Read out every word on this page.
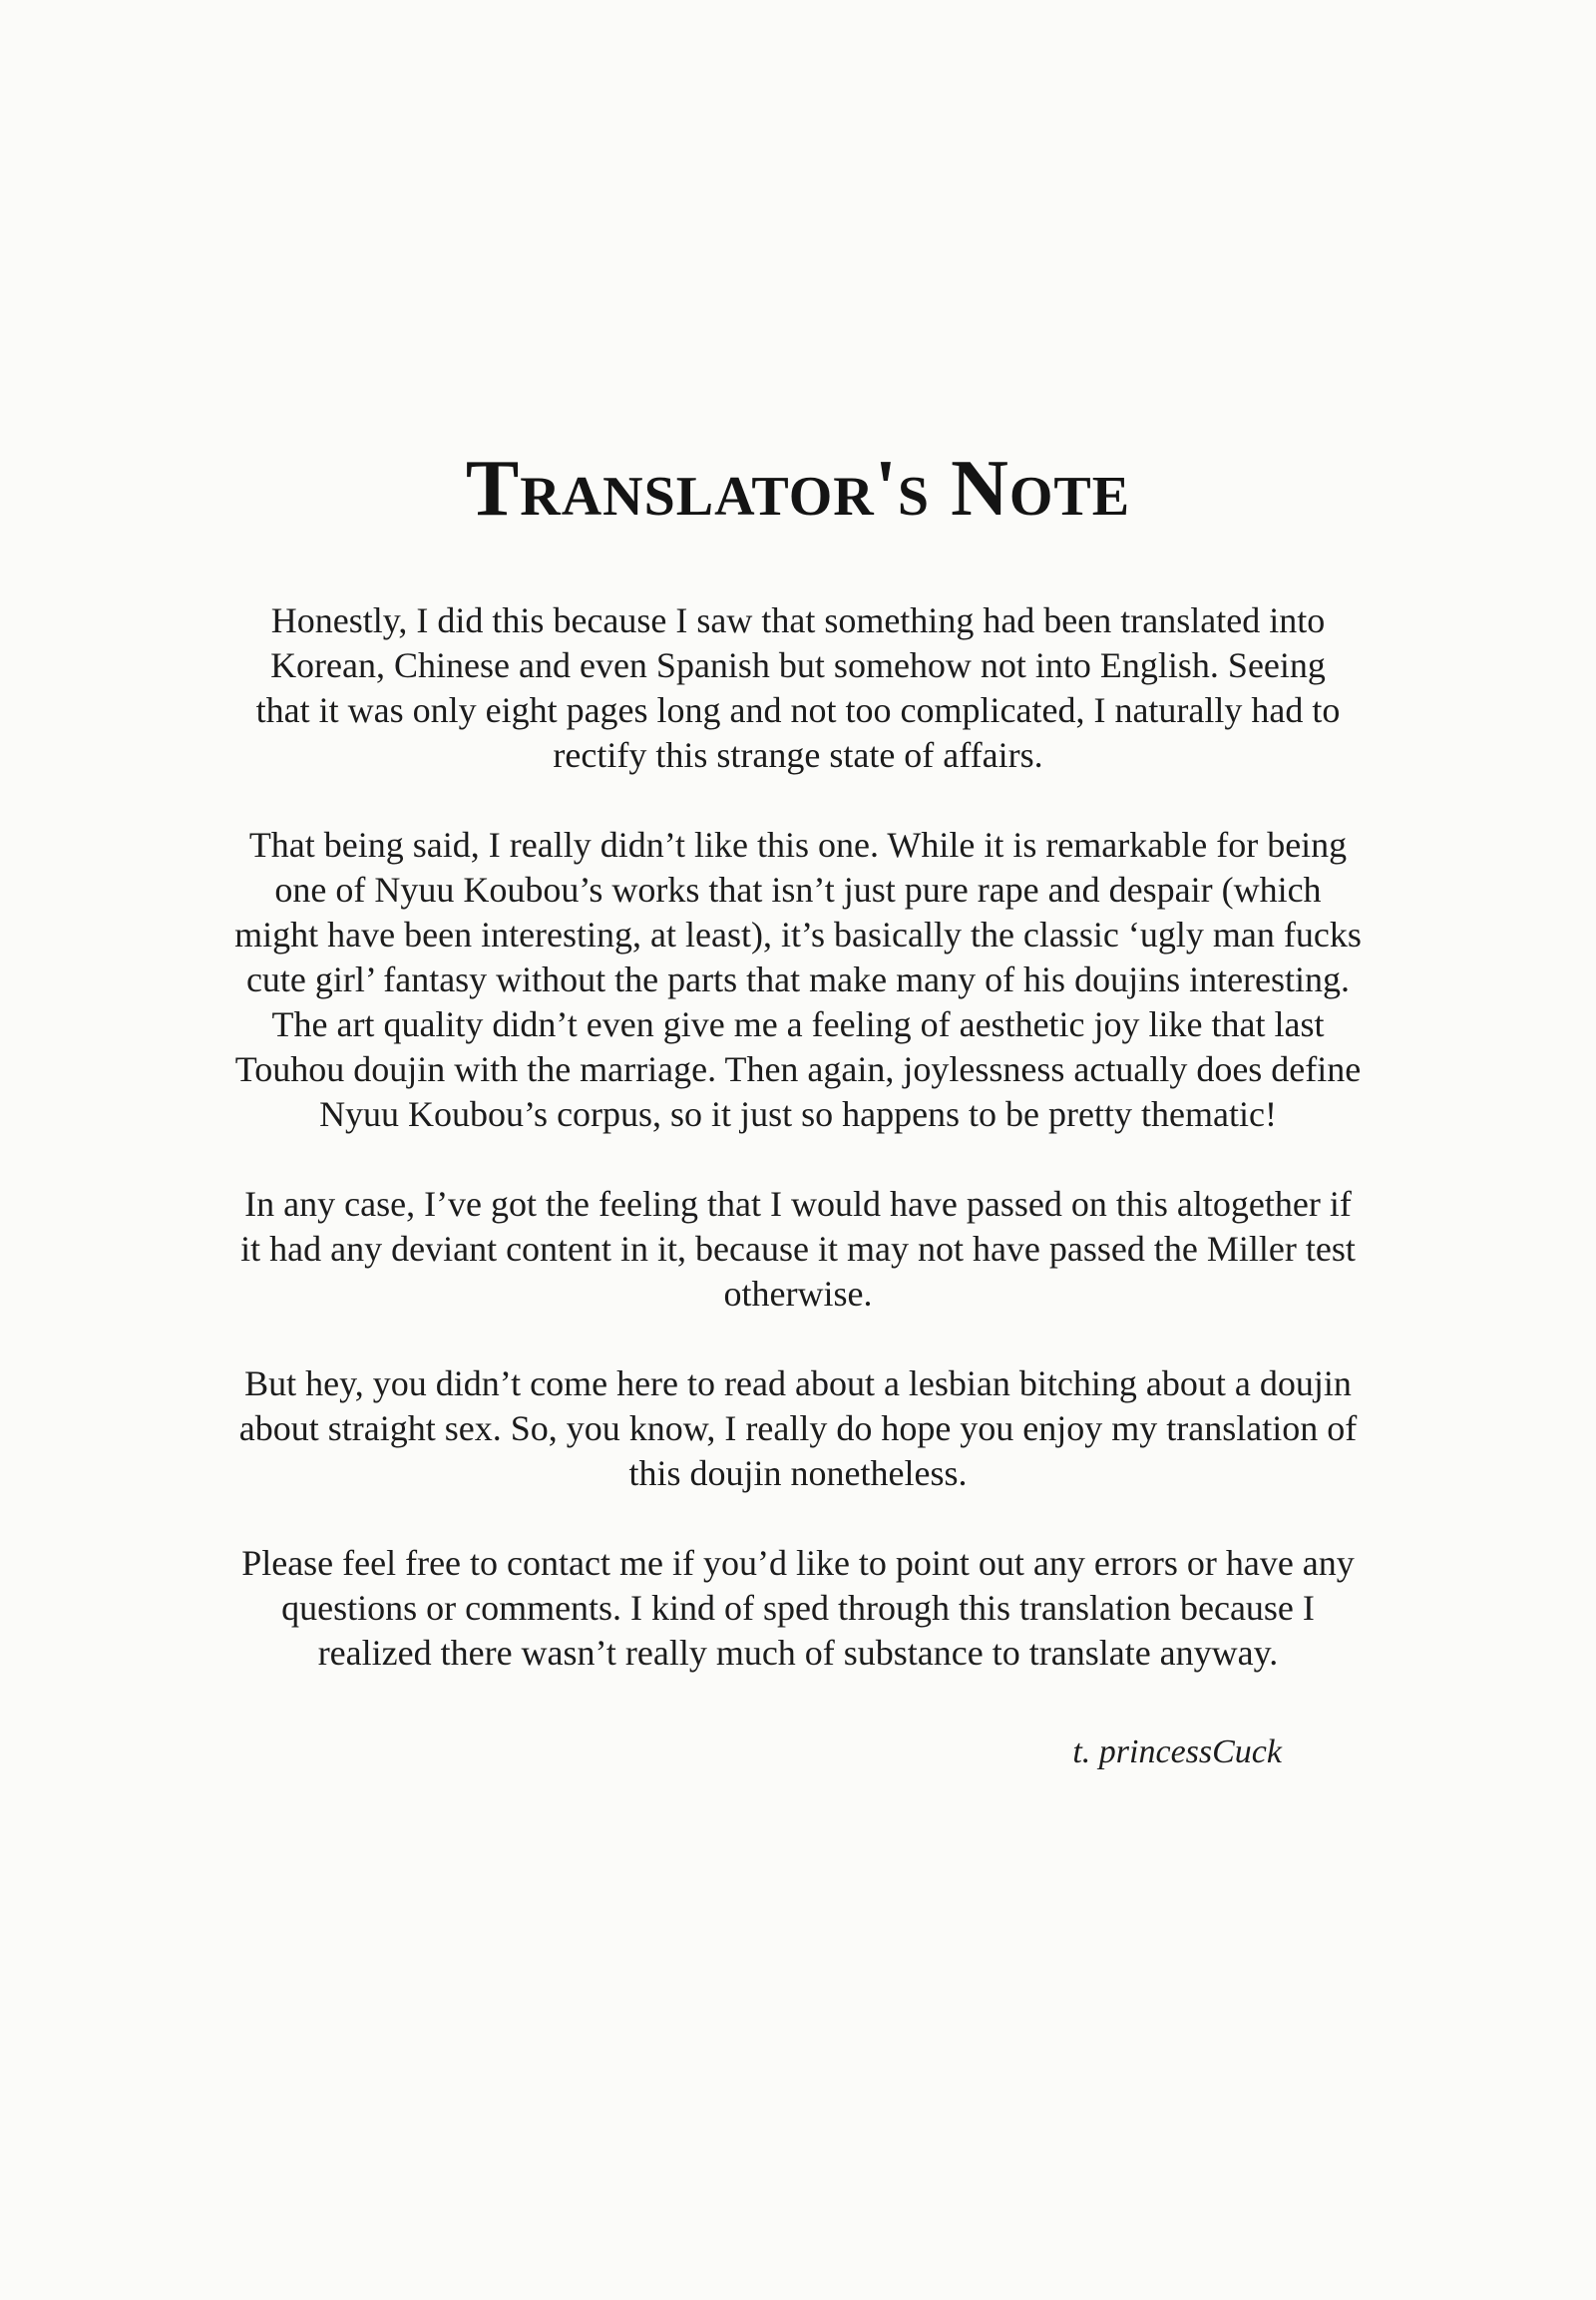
Translator's Note

Honestly, I did this because I saw that something had been translated into
Korean, Chinese and even Spanish but somehow not into English. Seeing
that it was only eight pages long and not too complicated, I naturally had to
rectify this strange state of affairs.

That being said, I really didn’t like this one. While it is remarkable for being
one of Nyuu Koubou’s works that isn’t just pure rape and despair (which
might have been interesting, at least), it’s basically the classic ‘ugly man fucks
cute girl’ fantasy without the parts that make many of his doujins interesting.
The art quality didn’t even give me a feeling of aesthetic joy like that last
Touhou doujin with the marriage. Then again, joylessness actually does define
Nyuu Koubou’s corpus, so it just so happens to be pretty thematic!

In any case, I’ve got the feeling that I would have passed on this altogether if
it had any deviant content in it, because it may not have passed the Miller test
otherwise.

But hey, you didn’t come here to read about a lesbian bitching about a doujin
about straight sex. So, you know, I really do hope you enjoy my translation of
this doujin nonetheless.

Please feel free to contact me if you’d like to point out any errors or have any
questions or comments. I kind of sped through this translation because I
realized there wasn’t really much of substance to translate anyway.

t. princessCuck
